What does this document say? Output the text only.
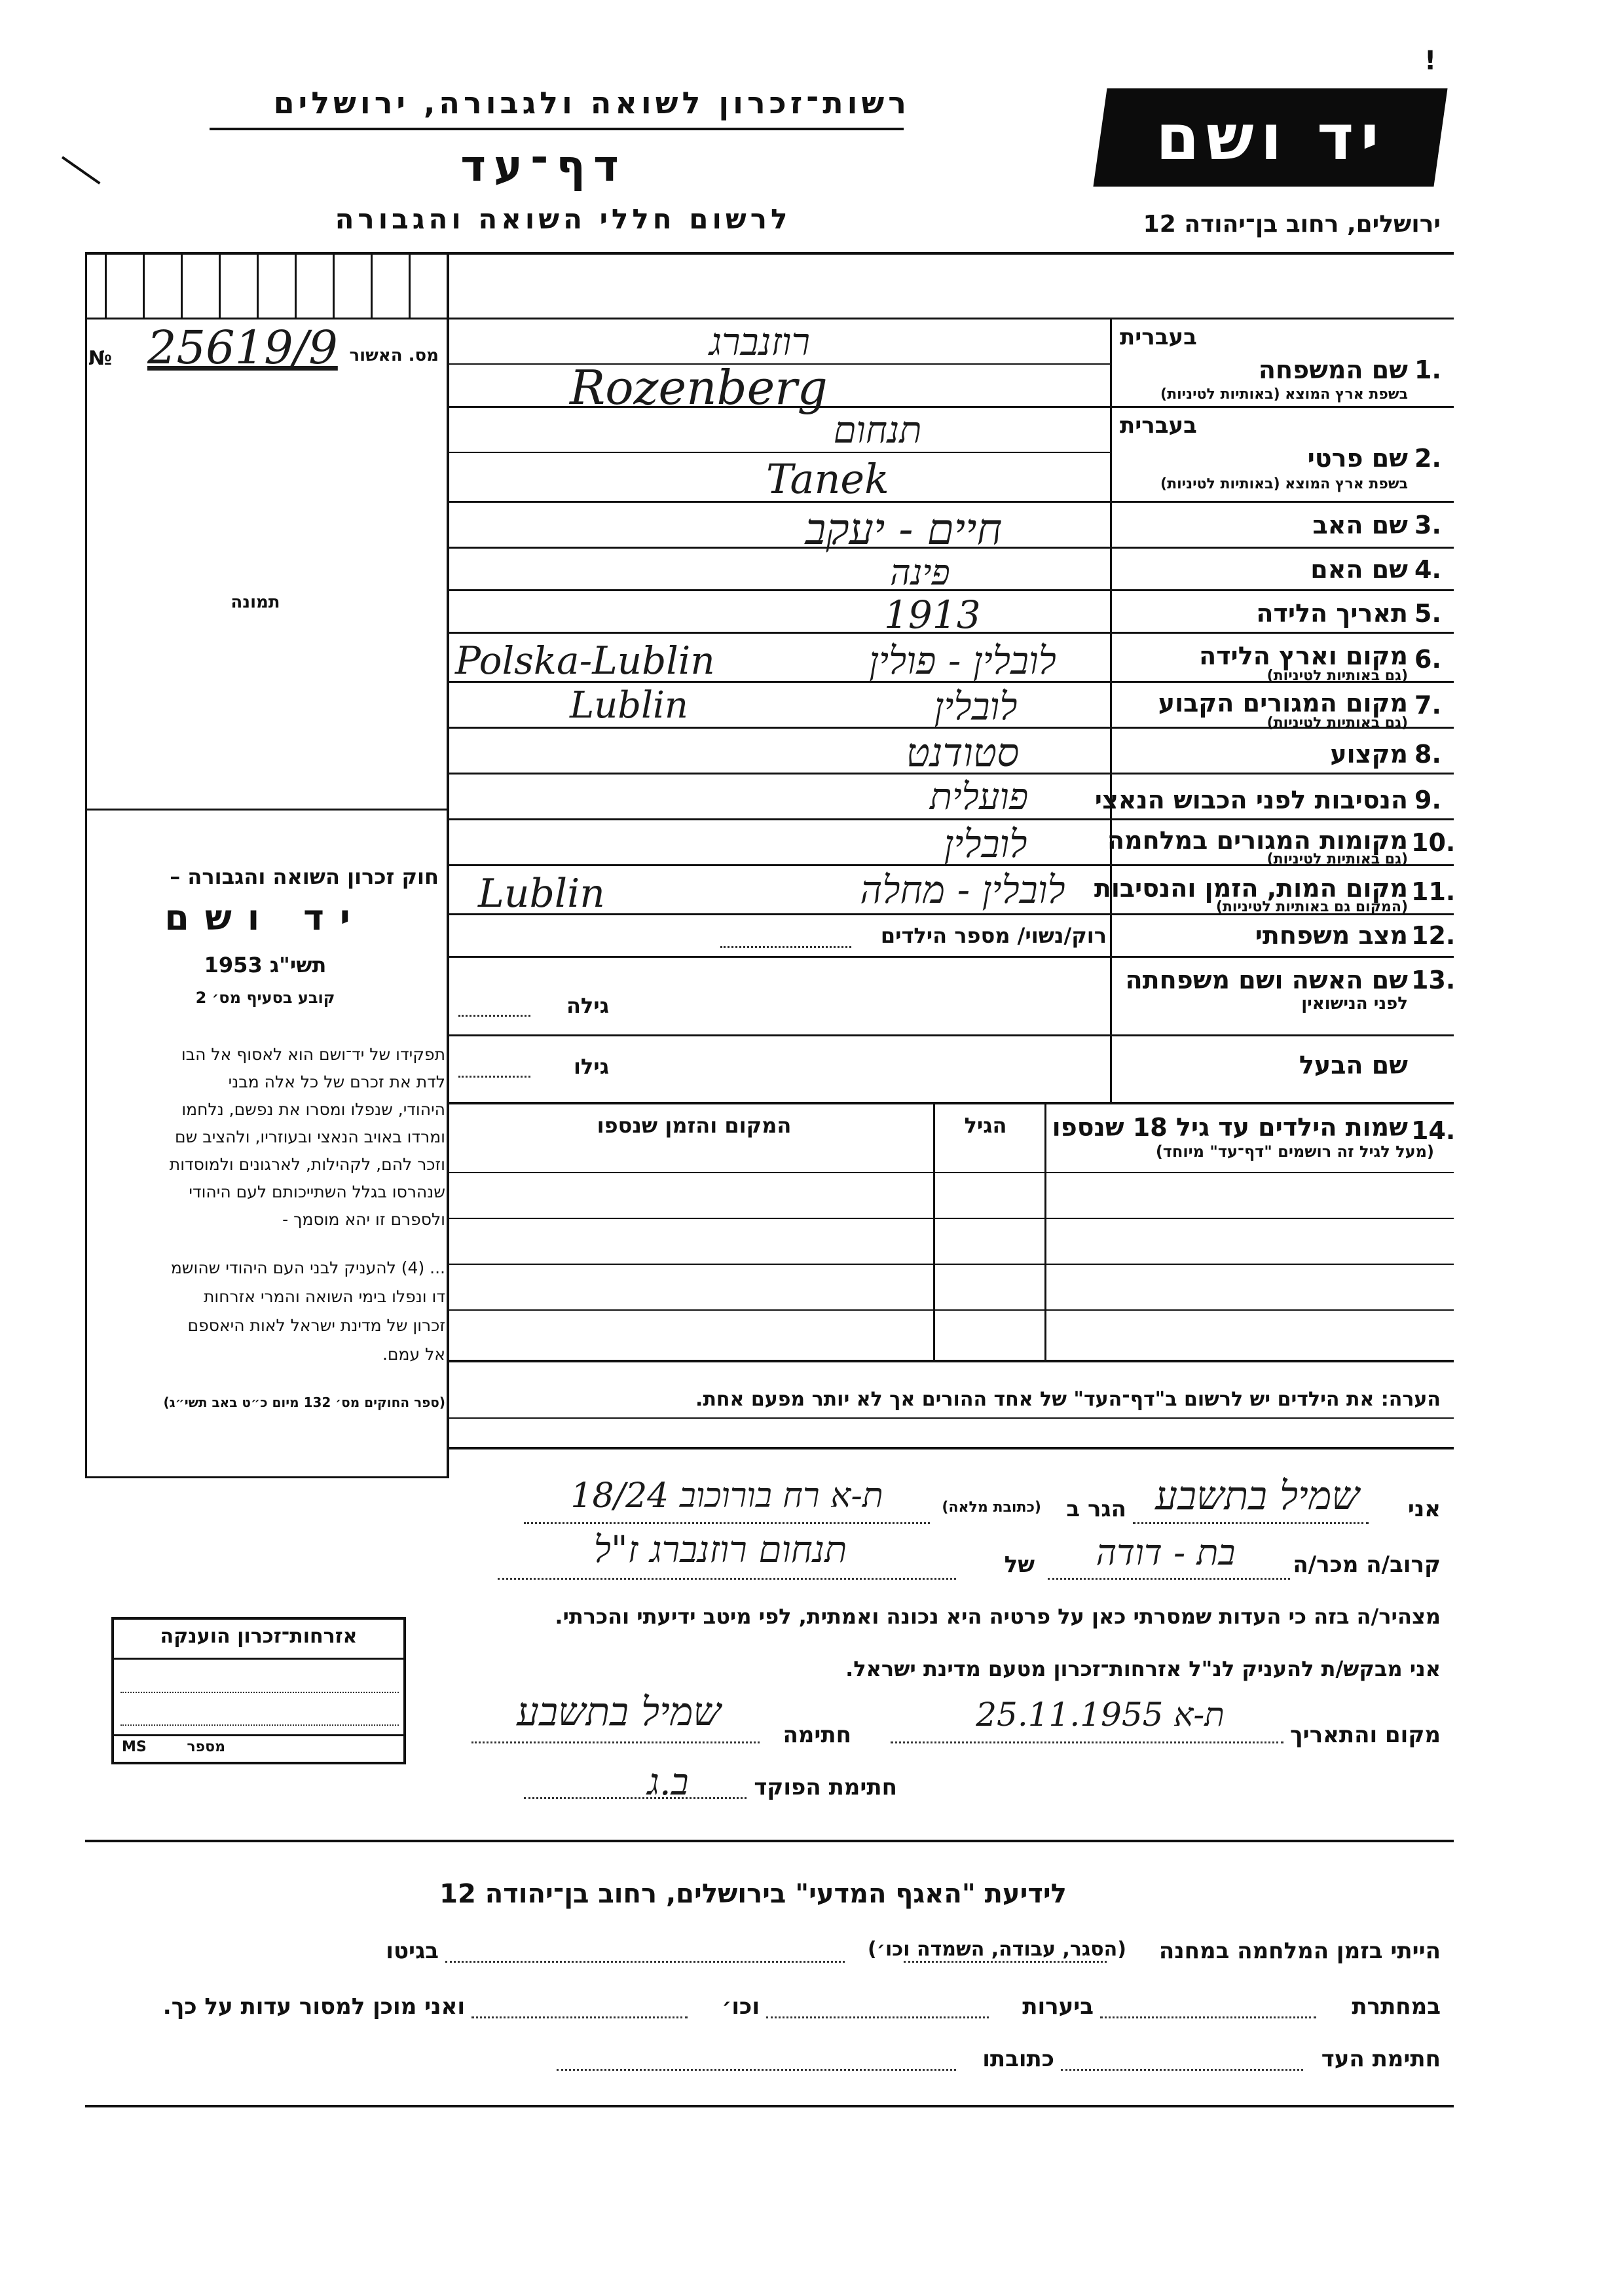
רשות־זכרון לשואה ולגבורה, ירושלים
דף־עד
לרשום חללי השואה והגבורה
!
יד ושם
ירושלים, רחוב בן־יהודה 12
№ 25619/9 מס. האשור
תמונה
חוק זכרון השואה והגבורה –
יד ושם
תשי"ג 1953
קובע בסעיף מס׳ 2
תפקידו של יד־ושם הוא לאסוף אל הבו
לדת את זכרם של כל אלה מבני
היהודי, שנפלו ומסרו את נפשם, נלחמו
ומרדו באויב הנאצי ובעוזריו, ולהציב שם
וזכר להם, לקהילות, לארגונים ולמוסדות
שנהרסו בגלל השתייכותם לעם היהודי
ולספרם זו יהא מוסמך -
... (4) להעניק לבני העם היהודי שהושמ
דו ונפלו בימי השואה והמרי אזרחות
זכרון של מדינת ישראל לאות היאספם
אל עמם.
(ספר החוקים מס׳ 132 מיום כ״ט באב תשי״ג)
בעברית
1.
שם המשפחה
בשפת ארץ המוצא (באותיות לטיניות)
רוזנברג
Rozenberg
בעברית
2.
שם פרטי
בשפת ארץ המוצא (באותיות לטיניות)
תנחום
Tanek
3.
שם האב
חיים - יעקב
4.
שם האם
פינה
5.
תאריך הלידה
1913
6.
מקום וארץ הלידה
(גם באותיות לטיניות)
לובלין - פולין
Polska-Lublin
7.
מקום המגורים הקבוע
(גם באותיות לטיניות)
לובלין
Lublin
8.
מקצוע
סטודנט
9.
הנסיבות לפני הכבוש הנאצי
פועלית
10.
מקומות המגורים במלחמה
(גם באותיות לטיניות)
לובלין
11.
מקום המות, הזמן והנסיבות
(המקום גם באותיות לטיניות)
לובלין - מחלה
Lublin
12.
מצב משפחתי
רוק/נשוי/ מספר הילדים
13.
שם האשה ושם משפחתה
לפני הנישואין
גילה
שם הבעל
גילו
14.
שמות הילדים עד גיל 18 שנספו
(מעל לגיל זה רושמים "דף־עד" מיוחד)
הגיל
המקום והזמן שנספו
הערה: את הילדים יש לרשום ב"דף־העד" של אחד ההורים אך לא יותר מפעם אחת.
אני
שמיל בתשבע
הגר ב
(כתובת מלאה)
ת-א רח בורוכוב 18/24
קרוב/ה מכר/ה
בת - דודה
של
תנחום רוזנברג ז"ל
מצהיר/ה בזה כי העדות שמסרתי כאן על פרטיה היא נכונה ואמתית, לפי מיטב ידיעתי והכרתי.
אני מבקש/ת להעניק לנ"ל אזרחות־זכרון מטעם מדינת ישראל.
מקום והתאריך
ת-א 25.11.1955
חתימה
שמיל בתשבע
חתימת הפוקד
ב.ג
אזרחות־זכרון הוענקה
MS	מספר
לידיעת "האגף המדעי" בירושלים, רחוב בן־יהודה 12
הייתי בזמן המלחמה במחנה
(הסגר, עבודה, השמדה וכו׳)
בגיטו
במחתרת
ביערות
וכו׳
ואני מוכן למסור עדות על כך.
חתימת העד
כתובתו
